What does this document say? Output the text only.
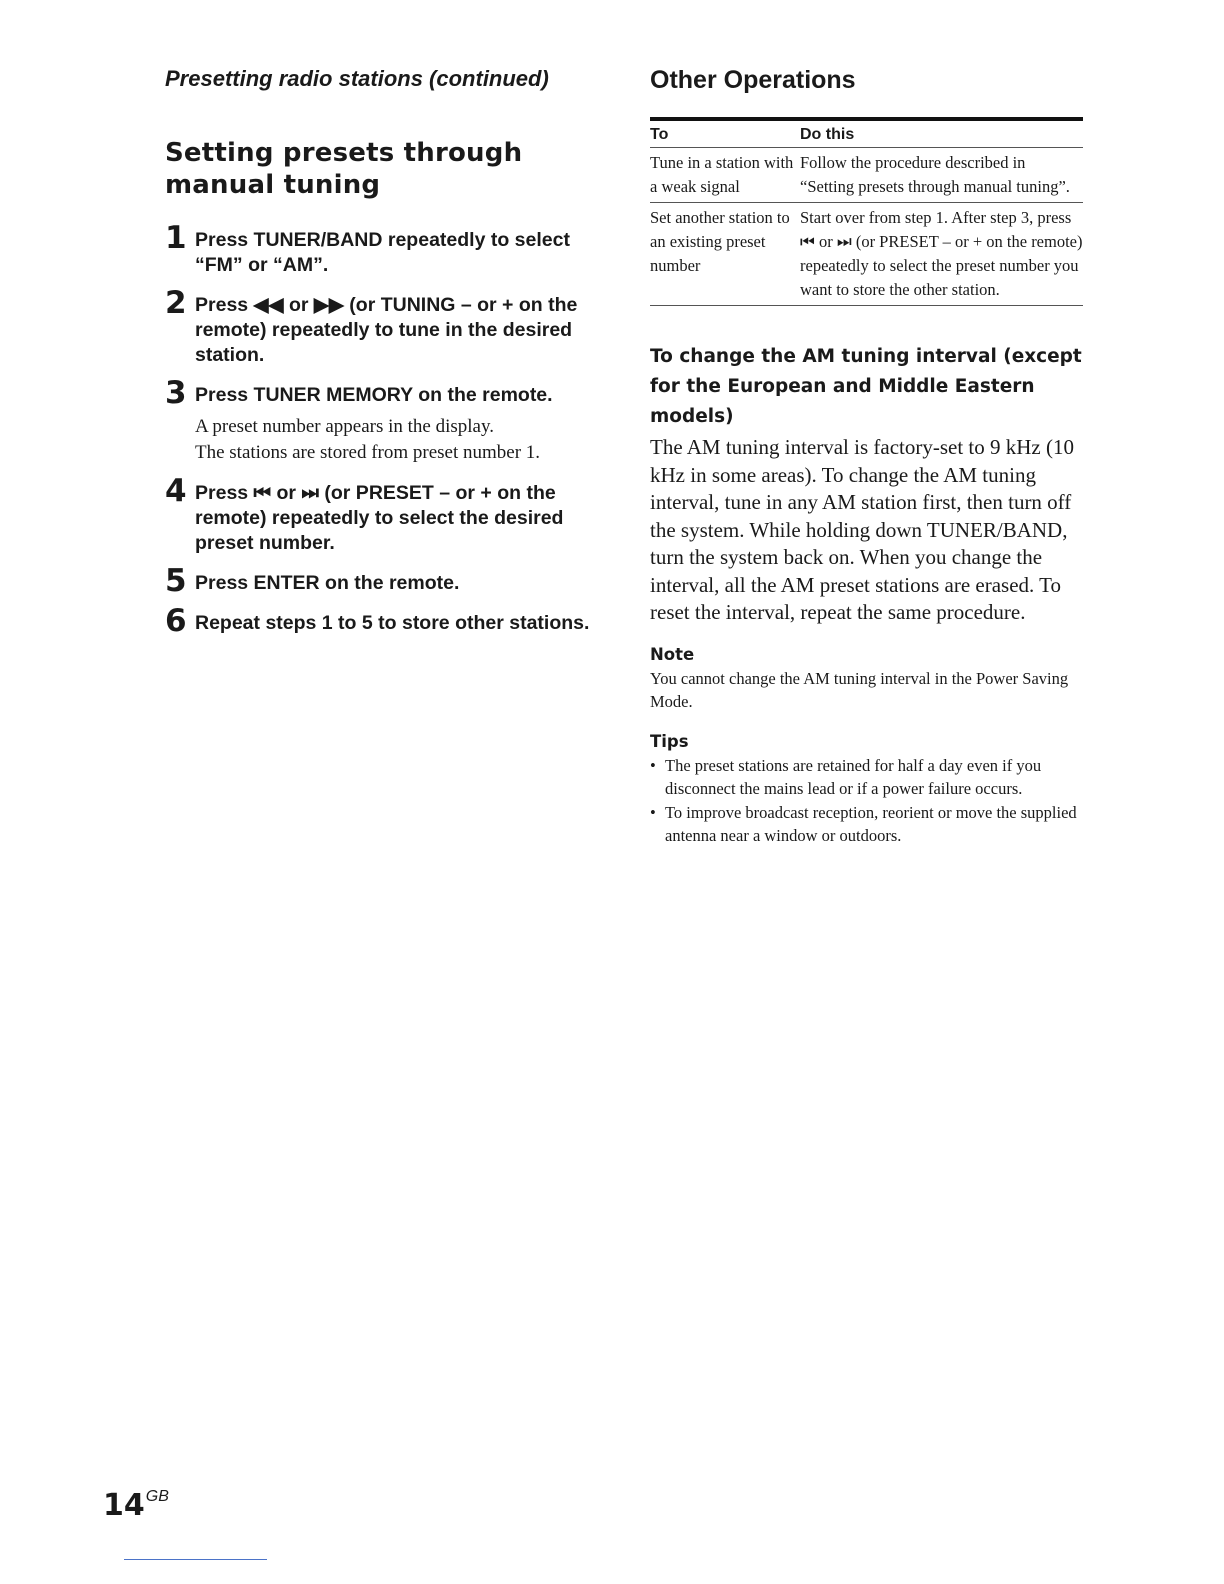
Presetting radio stations (continued)

Setting presets through manual tuning
1 Press TUNER/BAND repeatedly to select “FM” or “AM”.
2 Press ◀◀ or ▶▶ (or TUNING – or + on the remote) repeatedly to tune in the desired station.
3 Press TUNER MEMORY on the remote.

A preset number appears in the display.

The stations are stored from preset number 1.

4 Press ⏮ or ⏭ (or PRESET – or + on the remote) repeatedly to select the desired preset number.
5 Press ENTER on the remote.
6 Repeat steps 1 to 5 to store other stations.
Other Operations
To	Do this
Tune in a station with a weak signal	Follow the procedure described in “Setting presets through manual tuning”.
Set another station to an existing preset number	Start over from step 1. After step 3, press ⏮ or ⏭ (or PRESET – or + on the remote) repeatedly to select the preset number you want to store the other station.
To change the AM tuning interval (except for the European and Middle Eastern models)

The AM tuning interval is factory-set to 9 kHz (10 kHz in some areas). To change the AM tuning interval, tune in any AM station first, then turn off the system. While holding down TUNER/BAND, turn the system back on. When you change the interval, all the AM preset stations are erased. To reset the interval, repeat the same procedure.

Note

You cannot change the AM tuning interval in the Power Saving Mode.

Tips
• The preset stations are retained for half a day even if you disconnect the mains lead or if a power failure occurs.
• To improve broadcast reception, reorient or move the supplied antenna near a window or outdoors.
$14^{GB}$
